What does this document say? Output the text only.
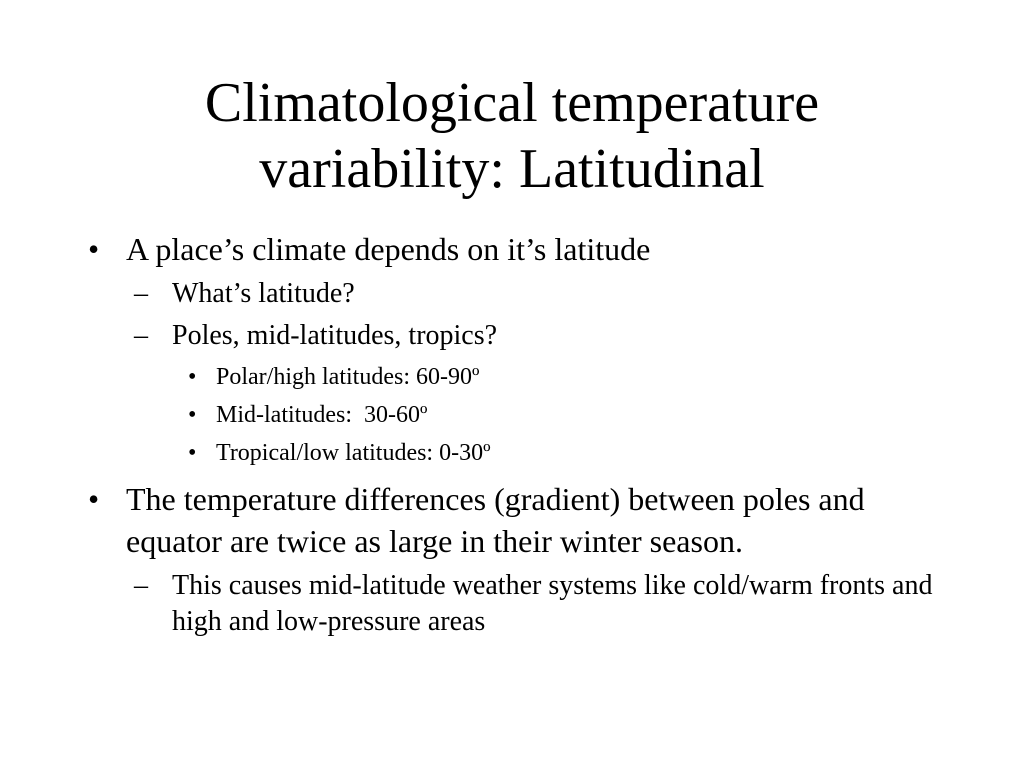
Climatological temperature
variability: Latitudinal
• A place’s climate depends on it’s latitude
– What’s latitude?
– Poles, mid-latitudes, tropics?
• Polar/high latitudes: 60-90º
• Mid-latitudes:  30-60º
• Tropical/low latitudes: 0-30º
• The temperature differences (gradient) between poles and equator are twice as large in their winter season.
– This causes mid-latitude weather systems like cold/warm fronts and high and low-pressure areas
